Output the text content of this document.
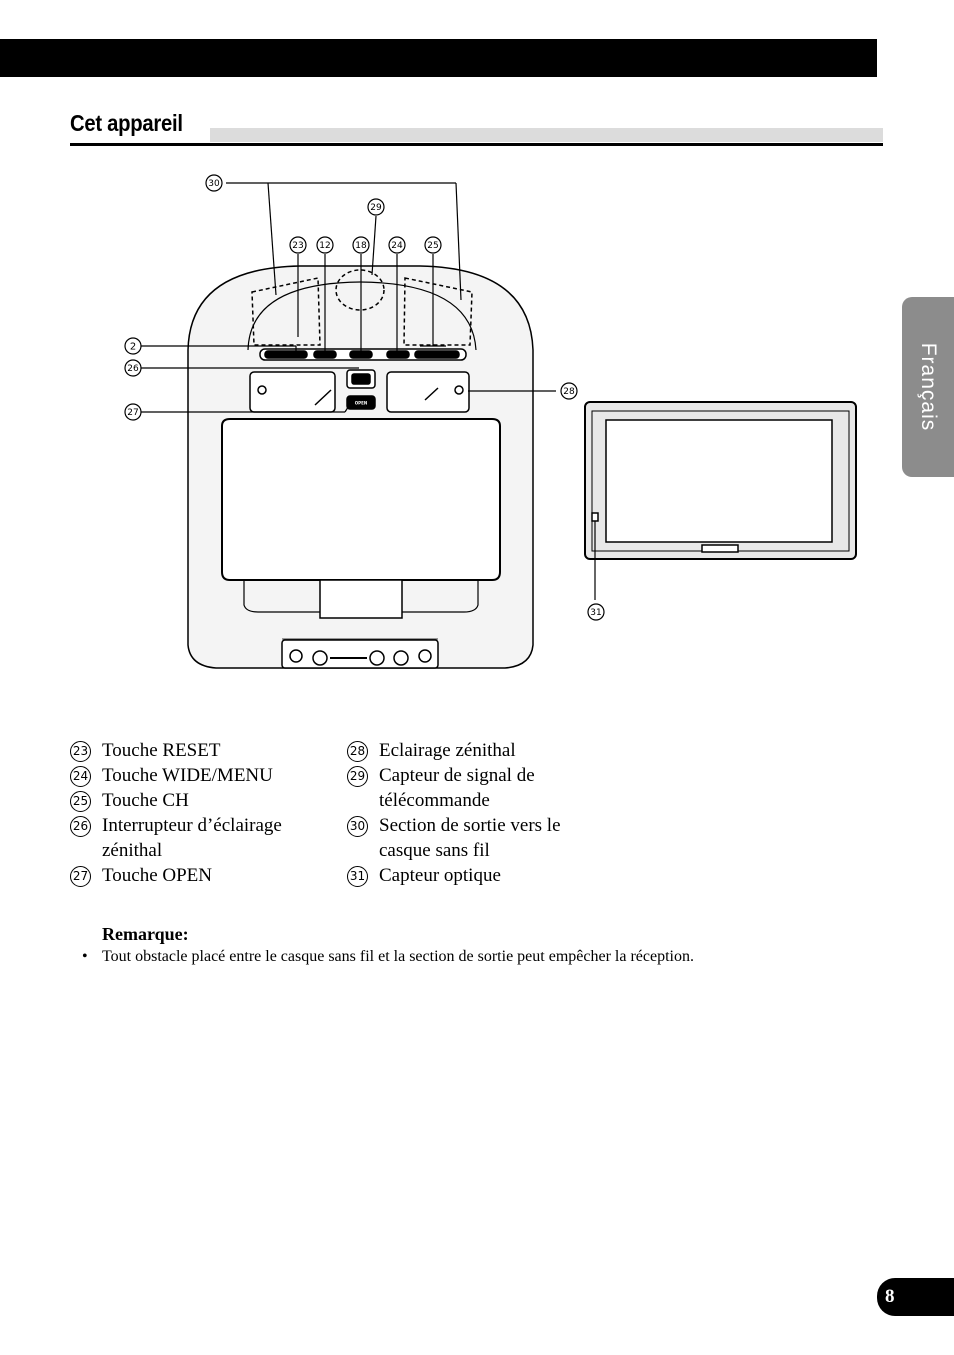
Cet appareil
Français
30
29
23 12	18	24	25
2
26
27
28
31
OPEN
23 Touche RESET
24 Touche WIDE/MENU
25 Touche CH
26 Interrupteur d’éclairage zénithal
27 Touche OPEN
28 Eclairage zénithal
29 Capteur de signal de télécommande
30 Section de sortie vers le casque sans fil
31 Capteur optique
Remarque:
• Tout obstacle placé entre le casque sans fil et la section de sortie peut empêcher la réception.
8
